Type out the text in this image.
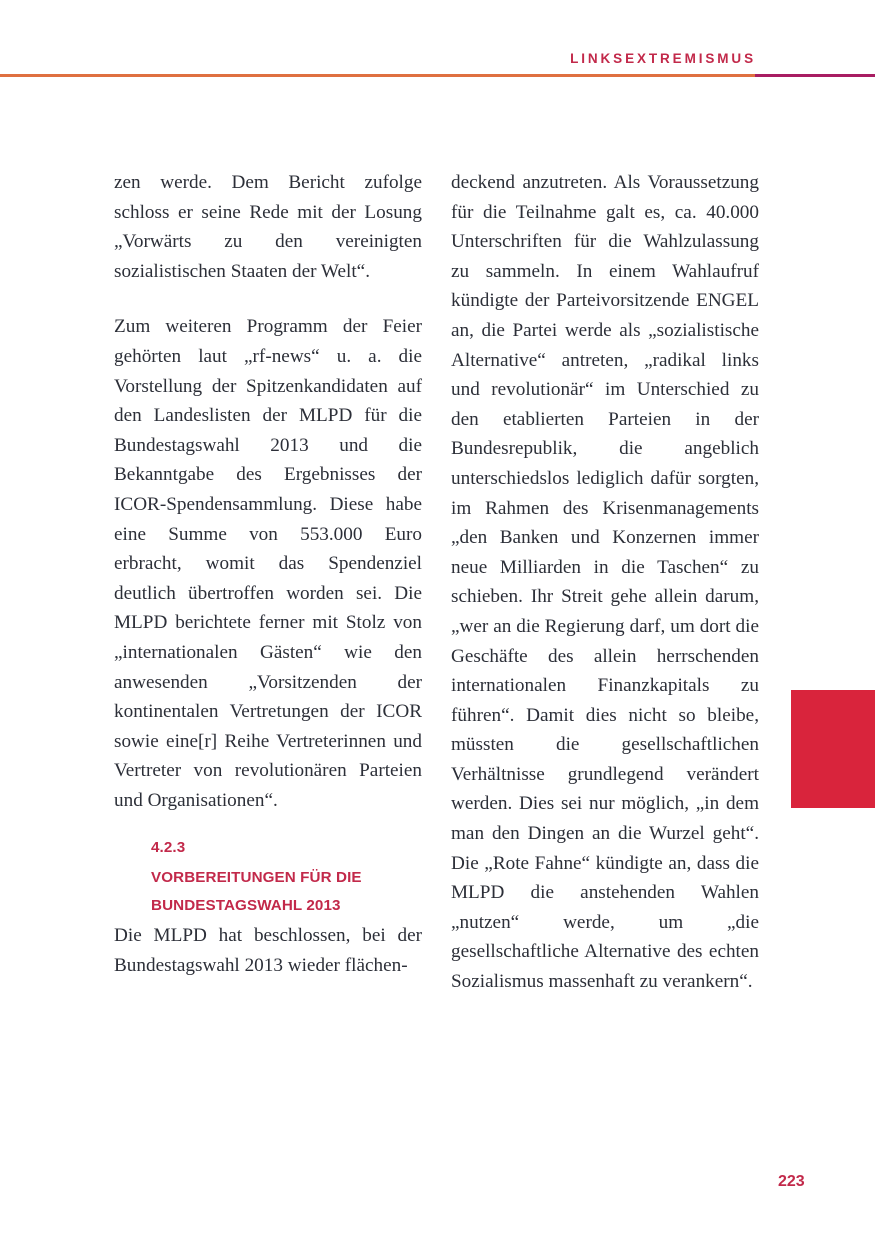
LINKSEXTREMISMUS

zen werde. Dem Bericht zufolge schloss er seine Rede mit der Losung „Vorwärts zu den vereinigten sozialistischen Staaten der Welt“.

Zum weiteren Programm der Feier gehörten laut „rf-news“ u. a. die Vorstellung der Spitzenkandidaten auf den Landeslisten der MLPD für die Bundestagswahl 2013 und die Bekanntgabe des Ergebnisses der ICOR-Spendensammlung. Diese habe eine Summe von 553.000 Euro erbracht, womit das Spendenziel deutlich übertroffen worden sei. Die MLPD berichtete ferner mit Stolz von „internationalen Gästen“ wie den anwesenden „Vorsitzenden der kontinentalen Vertretungen der ICOR sowie eine[r] Reihe Vertreterinnen und Vertreter von revolutionären Parteien und Organisationen“.

4.2.3
VORBEREITUNGEN FÜR DIE
BUNDESTAGSWAHL 2013

Die MLPD hat beschlossen, bei der Bundestagswahl 2013 wieder flächen-

deckend anzutreten. Als Voraussetzung für die Teilnahme galt es, ca. 40.000 Unterschriften für die Wahlzulassung zu sammeln. In einem Wahlaufruf kündigte der Parteivorsitzende ENGEL an, die Partei werde als „sozialistische Alternative“ antreten, „radikal links und revolutionär“ im Unterschied zu den etablierten Parteien in der Bundesrepublik, die angeblich unterschiedslos lediglich dafür sorgten, im Rahmen des Krisenmanagements „den Banken und Konzernen immer neue Milliarden in die Taschen“ zu schieben. Ihr Streit gehe allein darum, „wer an die Regierung darf, um dort die Geschäfte des allein herrschenden internationalen Finanzkapitals zu führen“. Damit dies nicht so bleibe, müssten die gesellschaftlichen Verhältnisse grundlegend verändert werden. Dies sei nur möglich, „in dem man den Dingen an die Wurzel geht“. Die „Rote Fahne“ kündigte an, dass die MLPD die anstehenden Wahlen „nutzen“ werde, um „die gesellschaftliche Alternative des echten Sozialismus massenhaft zu verankern“.

223
